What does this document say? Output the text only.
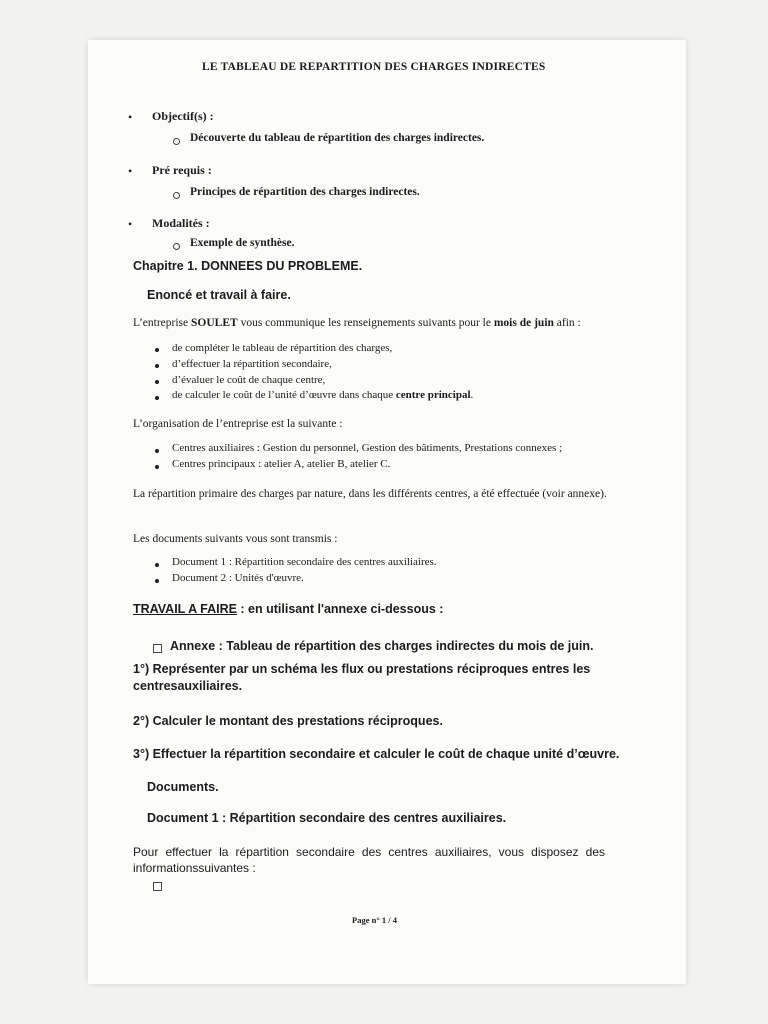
LE TABLEAU DE REPARTITION DES CHARGES INDIRECTES

• Objectif(s) :

Découverte du tableau de répartition des charges indirectes.

• Pré requis :

Principes de répartition des charges indirectes.

• Modalités :

Exemple de synthèse.

Chapitre 1. DONNEES DU PROBLEME.

Enoncé et travail à faire.

L’entreprise SOULET vous communique les renseignements suivants pour le mois de juin afin :

de compléter le tableau de répartition des charges,

d’effectuer la répartition secondaire,

d’évaluer le coût de chaque centre,

de calculer le coût de l’unité d’œuvre dans chaque centre principal.

L’organisation de l’entreprise est la suivante :

Centres auxiliaires : Gestion du personnel, Gestion des bâtiments, Prestations connexes ;

Centres principaux : atelier A, atelier B, atelier C.

La répartition primaire des charges par nature, dans les différents centres, a été effectuée (voir annexe).

Les documents suivants vous sont transmis :

Document 1 : Répartition secondaire des centres auxiliaires.

Document 2 : Unités d'œuvre.

TRAVAIL A FAIRE : en utilisant l'annexe ci-dessous :

Annexe : Tableau de répartition des charges indirectes du mois de juin.

1°) Représenter par un schéma les flux ou prestations réciproques entres les centresauxiliaires.

2°) Calculer le montant des prestations réciproques.

3°) Effectuer la répartition secondaire et calculer le coût de chaque unité d’œuvre.

Documents.

Document 1 : Répartition secondaire des centres auxiliaires.

Pour effectuer la répartition secondaire des centres auxiliaires, vous disposez des informationssuivantes :

Page n° 1 / 4
